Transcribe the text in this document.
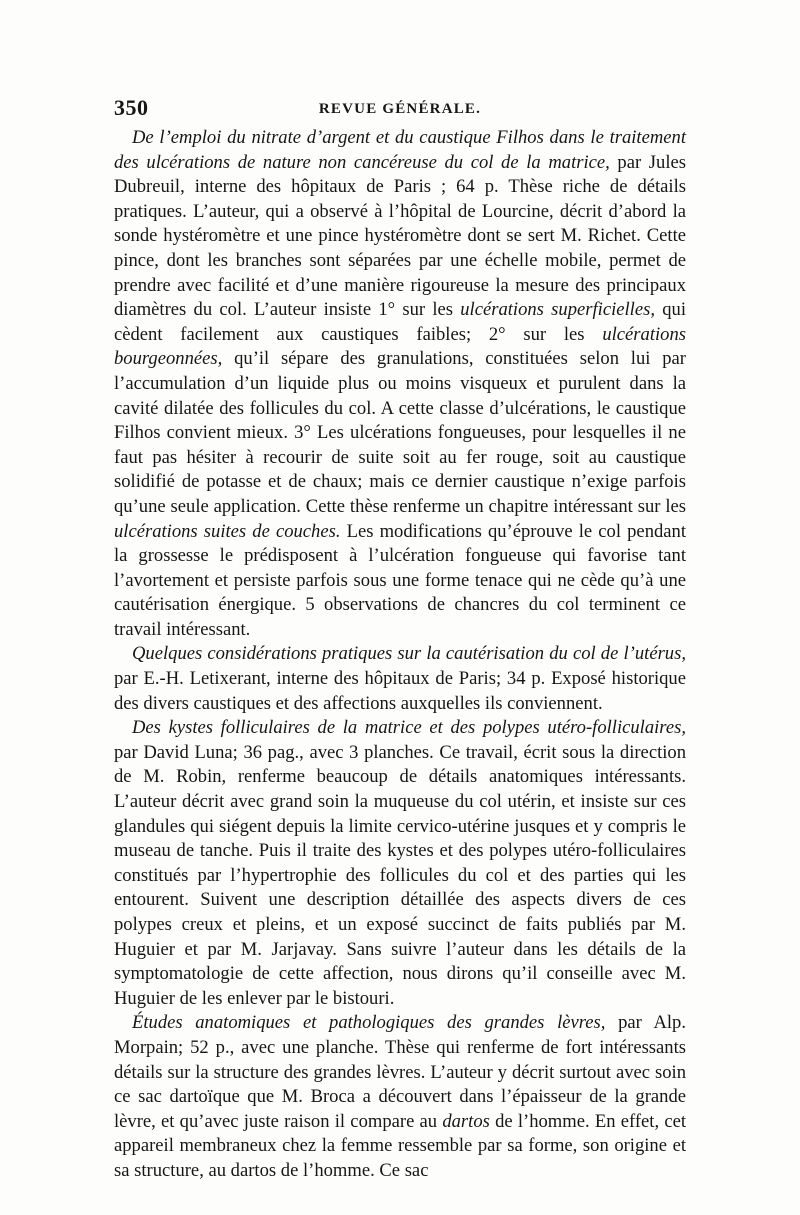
350	REVUE GÉNÉRALE.

De l’emploi du nitrate d’argent et du caustique Filhos dans le traitement des ulcérations de nature non cancéreuse du col de la matrice, par Jules Dubreuil, interne des hôpitaux de Paris ; 64 p. Thèse riche de détails pratiques. L’auteur, qui a observé à l’hôpital de Lourcine, décrit d’abord la sonde hystéromètre et une pince hystéromètre dont se sert M. Richet. Cette pince, dont les branches sont séparées par une échelle mobile, permet de prendre avec facilité et d’une manière rigoureuse la mesure des principaux diamètres du col. L’auteur insiste 1° sur les ulcérations superficielles, qui cèdent facilement aux caustiques faibles; 2° sur les ulcérations bourgeonnées, qu’il sépare des granulations, constituées selon lui par l’accumulation d’un liquide plus ou moins visqueux et purulent dans la cavité dilatée des follicules du col. A cette classe d’ulcérations, le caustique Filhos convient mieux. 3° Les ulcérations fongueuses, pour lesquelles il ne faut pas hésiter à recourir de suite soit au fer rouge, soit au caustique solidifié de potasse et de chaux; mais ce dernier caustique n’exige parfois qu’une seule application. Cette thèse renferme un chapitre intéressant sur les ulcérations suites de couches. Les modifications qu’éprouve le col pendant la grossesse le prédisposent à l’ulcération fongueuse qui favorise tant l’avortement et persiste parfois sous une forme tenace qui ne cède qu’à une cautérisation énergique. 5 observations de chancres du col terminent ce travail intéressant.

Quelques considérations pratiques sur la cautérisation du col de l’utérus, par E.-H. Letixerant, interne des hôpitaux de Paris; 34 p. Exposé historique des divers caustiques et des affections auxquelles ils conviennent.

Des kystes folliculaires de la matrice et des polypes utéro-folliculaires, par David Luna; 36 pag., avec 3 planches. Ce travail, écrit sous la direction de M. Robin, renferme beaucoup de détails anatomiques intéressants. L’auteur décrit avec grand soin la muqueuse du col utérin, et insiste sur ces glandules qui siégent depuis la limite cervico-utérine jusques et y compris le museau de tanche. Puis il traite des kystes et des polypes utéro-folliculaires constitués par l’hypertrophie des follicules du col et des parties qui les entourent. Suivent une description détaillée des aspects divers de ces polypes creux et pleins, et un exposé succinct de faits publiés par M. Huguier et par M. Jarjavay. Sans suivre l’auteur dans les détails de la symptomatologie de cette affection, nous dirons qu’il conseille avec M. Huguier de les enlever par le bistouri.

Études anatomiques et pathologiques des grandes lèvres, par Alp. Morpain; 52 p., avec une planche. Thèse qui renferme de fort intéressants détails sur la structure des grandes lèvres. L’auteur y décrit surtout avec soin ce sac dartoïque que M. Broca a découvert dans l’épaisseur de la grande lèvre, et qu’avec juste raison il compare au dartos de l’homme. En effet, cet appareil membraneux chez la femme ressemble par sa forme, son origine et sa structure, au dartos de l’homme. Ce sac
